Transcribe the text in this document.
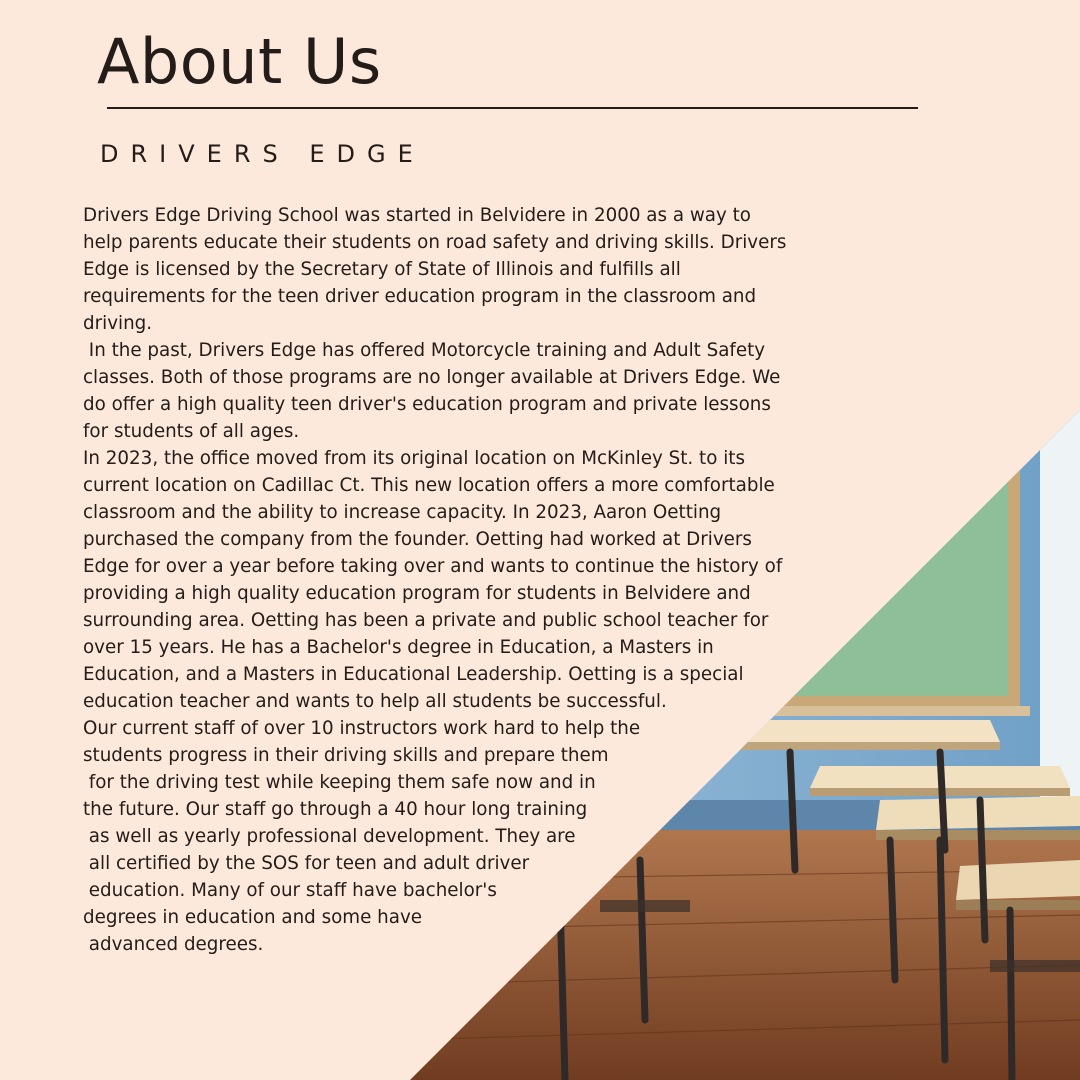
About Us
DRIVERS EDGE
Drivers Edge Driving School was started in Belvidere in 2000 as a way to
help parents educate their students on road safety and driving skills. Drivers
Edge is licensed by the Secretary of State of Illinois and fulfills all
requirements for the teen driver education program in the classroom and
driving.
In the past, Drivers Edge has offered Motorcycle training and Adult Safety
classes. Both of those programs are no longer available at Drivers Edge. We
do offer a high quality teen driver's education program and private lessons
for students of all ages.
In 2023, the office moved from its original location on McKinley St. to its
current location on Cadillac Ct. This new location offers a more comfortable
classroom and the ability to increase capacity. In 2023, Aaron Oetting
purchased the company from the founder. Oetting had worked at Drivers
Edge for over a year before taking over and wants to continue the history of
providing a high quality education program for students in Belvidere and
surrounding area. Oetting has been a private and public school teacher for
over 15 years. He has a Bachelor's degree in Education, a Masters in
Education, and a Masters in Educational Leadership. Oetting is a special
education teacher and wants to help all students be successful.
Our current staff of over 10 instructors work hard to help the
students progress in their driving skills and prepare them
for the driving test while keeping them safe now and in
the future. Our staff go through a 40 hour long training
as well as yearly professional development. They are
all certified by the SOS for teen and adult driver
education. Many of our staff have bachelor's
degrees in education and some have
advanced degrees.
